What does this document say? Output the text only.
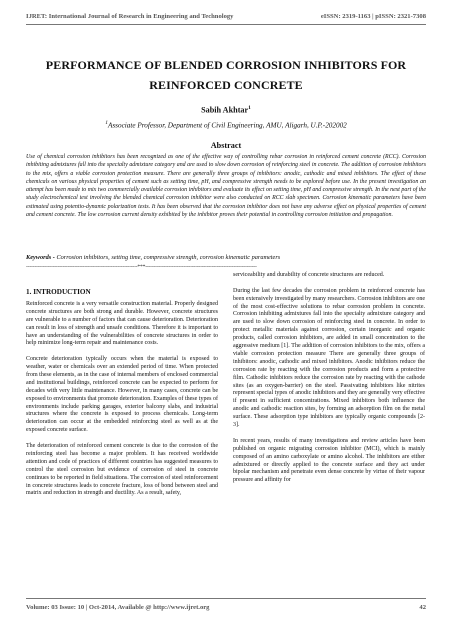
IJRET: International Journal of Research in Engineering and Technology	eISSN: 2319-1163 | pISSN: 2321-7308
PERFORMANCE OF BLENDED CORROSION INHIBITORS FOR REINFORCED CONCRETE
Sabih Akhtar$^1$
$^1$Associate Professor, Department of Civil Engineering, AMU, Aligarh, U.P.-202002
Abstract
Use of chemical corrosion inhibitors has been recognized as one of the effective way of controlling rebar corrosion in reinforced cement concrete (RCC). Corrosion inhibiting admixtures fall into the specialty admixture category and are used to slow down corrosion of reinforcing steel in concrete. The addition of corrosion inhibitors to the mix, offers a viable corrosion protection measure. There are generally three groups of inhibitors: anodic, cathodic and mixed inhibitors. The effect of these chemicals on various physical properties of cement such as setting time, pH, and compressive strength needs to be explored before use. In the present investigation an attempt has been made to mix two commercially available corrosion inhibitors and evaluate its effect on setting time, pH and compressive strength. In the next part of the study electrochemical test involving the blended chemical corrosion inhibitor were also conducted on RCC slab specimen. Corrosion kinematic parameters have been estimated using potentio-dynamic polarization tests. It has been observed that the corrosion inhibitor does not have any adverse effect on physical properties of cement and cement concrete. The low corrosion current density exhibited by the inhibitor proves their potential in controlling corrosion initiation and propagation.
Keywords - Corrosion inhibitors, setting time, compressive strength, corrosion kinematic parameters
-------------------------------------------------------------------***-------------------------------------------------------------------
1. INTRODUCTION

Reinforced concrete is a very versatile construction material. Properly designed concrete structures are both strong and durable. However, concrete structures are vulnerable to a number of factors that can cause deterioration. Deterioration can result in loss of strength and unsafe conditions. Therefore it is important to have an understanding of the vulnerabilities of concrete structures in order to help minimize long-term repair and maintenance costs.

Concrete deterioration typically occurs when the material is exposed to weather, water or chemicals over an extended period of time. When protected from these elements, as in the case of internal members of enclosed commercial and institutional buildings, reinforced concrete can be expected to perform for decades with very little maintenance. However, in many cases, concrete can be exposed to environments that promote deterioration. Examples of these types of environments include parking garages, exterior balcony slabs, and industrial structures where the concrete is exposed to process chemicals. Long-term deterioration can occur at the embedded reinforcing steel as well as at the exposed concrete surface.

The deterioration of reinforced cement concrete is due to the corrosion of the reinforcing steel has become a major problem. It has received worldwide attention and code of practices of different countries has suggested measures to control the steel corrosion but evidence of corrosion of steel in concrete continues to be reported in field situations. The corrosion of steel reinforcement in concrete structures leads to concrete fracture, loss of bond between steel and matrix and reduction in strength and ductility. As a result, safety,

serviceability and durability of concrete structures are reduced.

During the last few decades the corrosion problem in reinforced concrete has been extensively investigated by many researchers. Corrosion inhibitors are one of the most cost-effective solutions to rebar corrosion problem in concrete. Corrosion inhibiting admixtures fall into the specialty admixture category and are used to slow down corrosion of reinforcing steel in concrete. In order to protect metallic materials against corrosion, certain inorganic and organic products, called corrosion inhibitors, are added in small concentration to the aggressive medium [1]. The addition of corrosion inhibitors to the mix, offers a viable corrosion protection measure There are generally three groups of inhibitors: anodic, cathodic and mixed inhibitors. Anodic inhibitors reduce the corrosion rate by reacting with the corrosion products and form a protective film. Cathodic inhibitors reduce the corrosion rate by reacting with the cathode sites (as an oxygen-barrier) on the steel. Passivating inhibitors like nitrites represent special types of anodic inhibitors and they are generally very effective if present in sufficient concentrations. Mixed inhibitors both influence the anodic and cathodic reaction sites, by forming an adsorption film on the metal surface. These adsorption type inhibitors are typically organic compounds [2-3].

In recent years, results of many investigations and review articles have been published on organic migrating corrosion inhibitor (MCI), which is mainly composed of an amino carboxylate or amino alcohol. The inhibitors are either admixtured or directly applied to the concrete surface and they act under bipolar mechanism and penetrate even dense concrete by virtue of their vapour pressure and affinity for

Volume: 03 Issue: 10 | Oct-2014, Available @ http://www.ijret.org	42
